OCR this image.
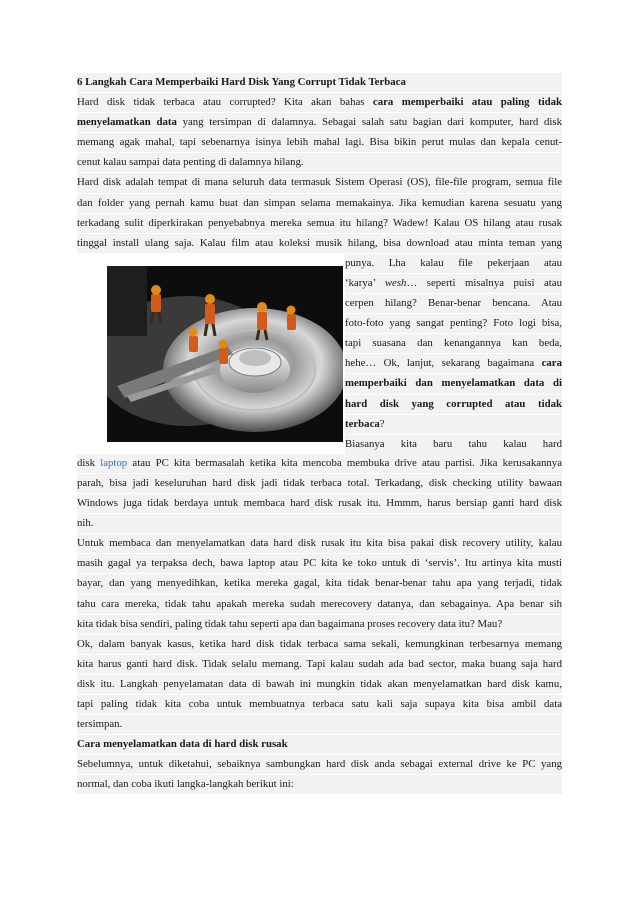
6 Langkah Cara Memperbaiki Hard Disk Yang Corrupt Tidak Terbaca
Hard disk tidak terbaca atau corrupted? Kita akan bahas cara memperbaiki atau paling tidak
menyelamatkan data yang tersimpan di dalamnya. Sebagai salah satu bagian dari komputer, hard disk
memang agak mahal, tapi sebenarnya isinya lebih mahal lagi. Bisa bikin perut mulas dan kepala cenut-
cenut kalau sampai data penting di dalamnya hilang.
Hard disk adalah tempat di mana seluruh data termasuk Sistem Operasi (OS), file-file program, semua file
dan folder yang pernah kamu buat dan simpan selama memakainya. Jika kemudian karena sesuatu yang
terkadang sulit diperkirakan penyebabnya mereka semua itu hilang? Wadew! Kalau OS hilang atau rusak
tinggal install ulang saja. Kalau film atau koleksi musik hilang, bisa download atau minta teman yang
punya. Lha kalau file pekerjaan atau
‘karya’ wesh… seperti misalnya puisi atau
cerpen hilang? Benar-benar bencana. Atau
foto-foto yang sangat penting? Foto logi bisa,
tapi suasana dan kenangannya kan beda,
hehe… Ok, lanjut, sekarang bagaimana cara
memperbaiki dan menyelamatkan data di
hard disk yang corrupted atau tidak
terbaca?
Biasanya kita baru tahu kalau hard
disk laptop atau PC kita bermasalah ketika kita mencoba membuka drive atau partisi. Jika kerusakannya
parah, bisa jadi keseluruhan hard disk jadi tidak terbaca total. Terkadang, disk checking utility bawaan
Windows juga tidak berdaya untuk membaca hard disk rusak itu. Hmmm, harus bersiap ganti hard disk
nih.
Untuk membaca dan menyelamatkan data hard disk rusak itu kita bisa pakai disk recovery utility, kalau
masih gagal ya terpaksa dech, bawa laptop atau PC kita ke toko untuk di ‘servis’. Itu artinya kita musti
bayar, dan yang menyedihkan, ketika mereka gagal, kita tidak benar-benar tahu apa yang terjadi, tidak
tahu cara mereka, tidak tahu apakah mereka sudah merecovery datanya, dan sebagainya. Apa benar sih
kita tidak bisa sendiri, paling tidak tahu seperti apa dan bagaimana proses recovery data itu? Mau?
Ok, dalam banyak kasus, ketika hard disk tidak terbaca sama sekali, kemungkinan terbesarnya memang
kita harus ganti hard disk. Tidak selalu memang. Tapi kalau sudah ada bad sector, maka buang saja hard
disk itu. Langkah penyelamatan data di bawah ini mungkin tidak akan menyelamatkan hard disk kamu,
tapi paling tidak kita coba untuk membuatnya terbaca satu kali saja supaya kita bisa ambil data
tersimpan.
Cara menyelamatkan data di hard disk rusak
Sebelumnya, untuk diketahui, sebaiknya sambungkan hard disk anda sebagai external drive ke PC yang
normal, dan coba ikuti langka-langkah berikut ini:
